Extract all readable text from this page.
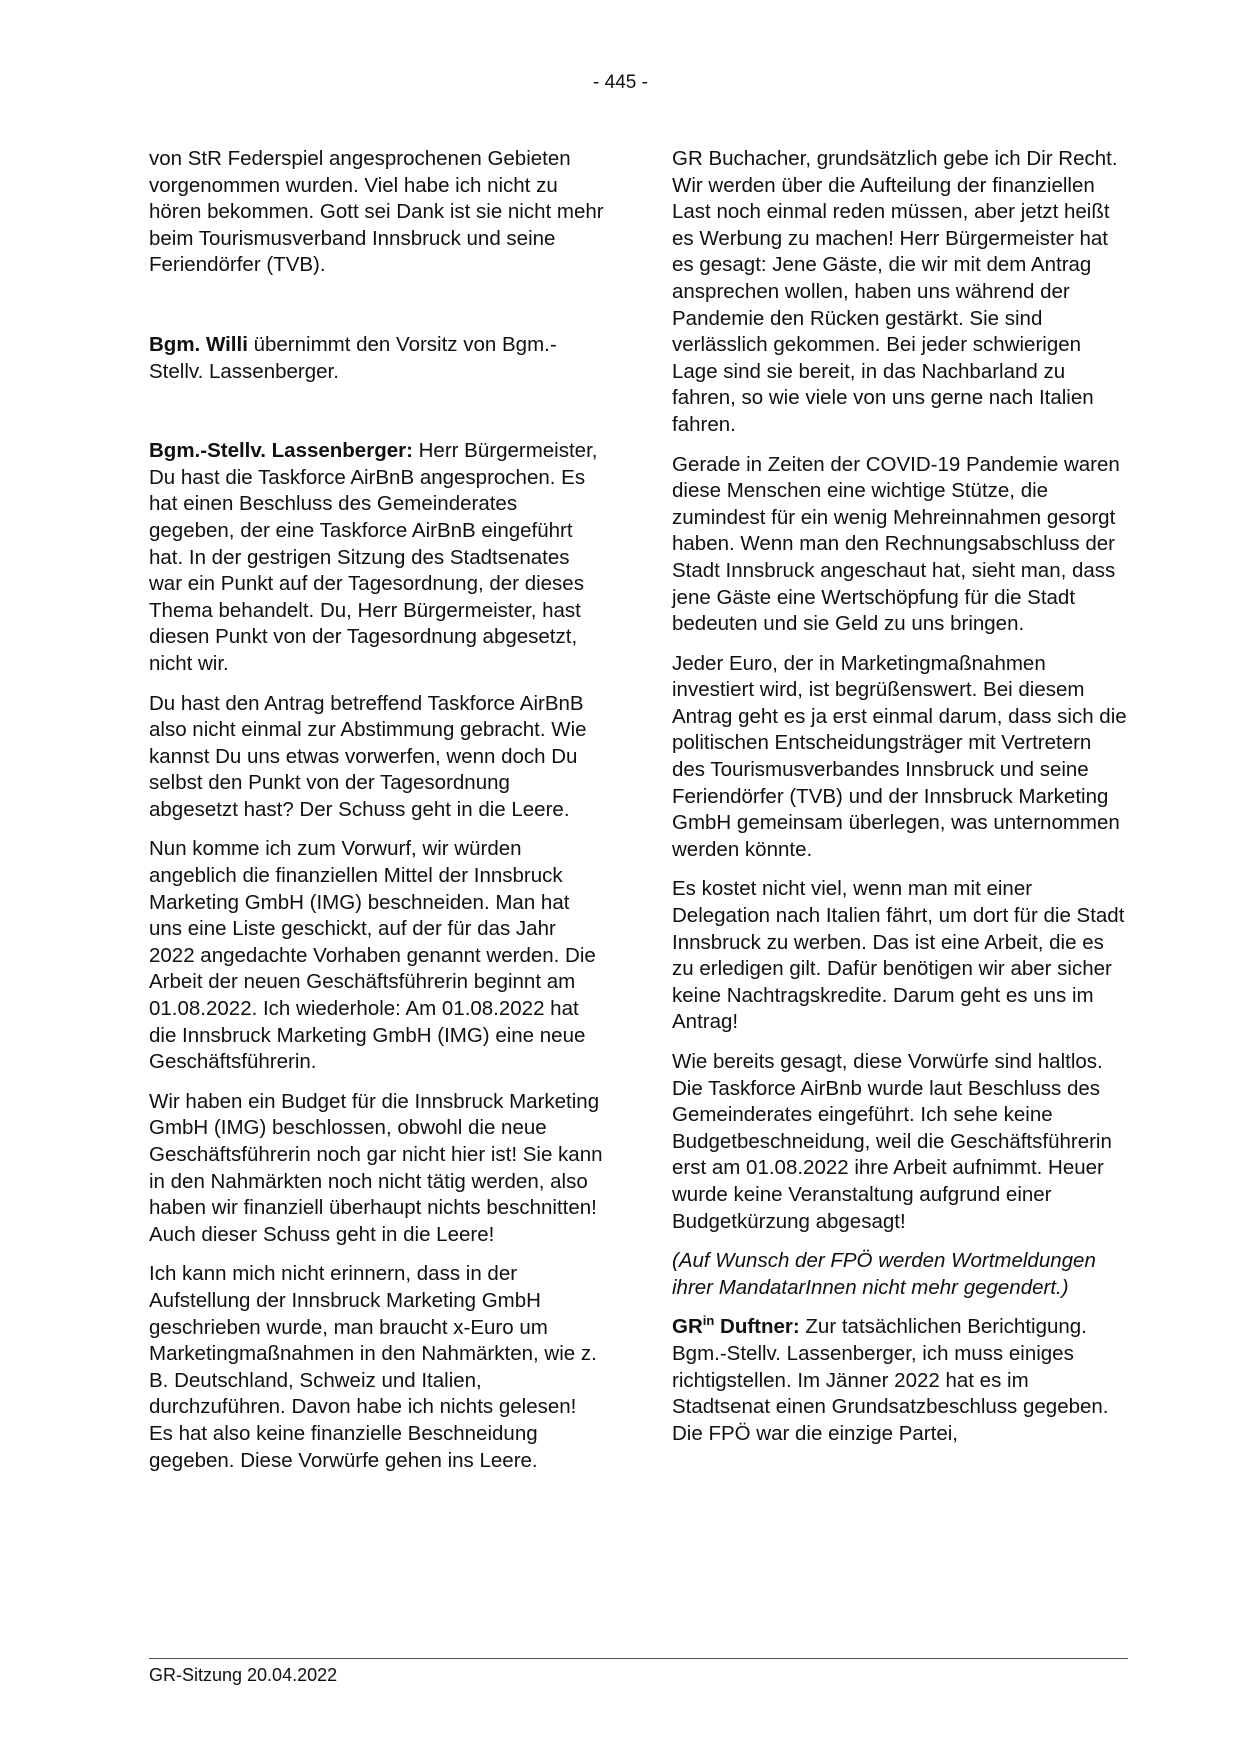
- 445 -

von StR Federspiel angesprochenen Gebieten vorgenommen wurden. Viel habe ich nicht zu hören bekommen. Gott sei Dank ist sie nicht mehr beim Tourismusverband Innsbruck und seine Feriendörfer (TVB).

Bgm. Willi übernimmt den Vorsitz von Bgm.-Stellv. Lassenberger.

Bgm.-Stellv. Lassenberger: Herr Bürgermeister, Du hast die Taskforce AirBnB angesprochen. Es hat einen Beschluss des Gemeinderates gegeben, der eine Taskforce AirBnB eingeführt hat. In der gestrigen Sitzung des Stadtsenates war ein Punkt auf der Tagesordnung, der dieses Thema behandelt. Du, Herr Bürgermeister, hast diesen Punkt von der Tagesordnung abgesetzt, nicht wir.

Du hast den Antrag betreffend Taskforce AirBnB also nicht einmal zur Abstimmung gebracht. Wie kannst Du uns etwas vorwerfen, wenn doch Du selbst den Punkt von der Tagesordnung abgesetzt hast? Der Schuss geht in die Leere.

Nun komme ich zum Vorwurf, wir würden angeblich die finanziellen Mittel der Innsbruck Marketing GmbH (IMG) beschneiden. Man hat uns eine Liste geschickt, auf der für das Jahr 2022 angedachte Vorhaben genannt werden. Die Arbeit der neuen Geschäftsführerin beginnt am 01.08.2022. Ich wiederhole: Am 01.08.2022 hat die Innsbruck Marketing GmbH (IMG) eine neue Geschäftsführerin.

Wir haben ein Budget für die Innsbruck Marketing GmbH (IMG) beschlossen, obwohl die neue Geschäftsführerin noch gar nicht hier ist! Sie kann in den Nahmärkten noch nicht tätig werden, also haben wir finanziell überhaupt nichts beschnitten! Auch dieser Schuss geht in die Leere!

Ich kann mich nicht erinnern, dass in der Aufstellung der Innsbruck Marketing GmbH geschrieben wurde, man braucht x-Euro um Marketingmaßnahmen in den Nahmärkten, wie z. B. Deutschland, Schweiz und Italien, durchzuführen. Davon habe ich nichts gelesen! Es hat also keine finanzielle Beschneidung gegeben. Diese Vorwürfe gehen ins Leere.

GR Buchacher, grundsätzlich gebe ich Dir Recht. Wir werden über die Aufteilung der finanziellen Last noch einmal reden müssen, aber jetzt heißt es Werbung zu machen! Herr Bürgermeister hat es gesagt: Jene Gäste, die wir mit dem Antrag ansprechen wollen, haben uns während der Pandemie den Rücken gestärkt. Sie sind verlässlich gekommen. Bei jeder schwierigen Lage sind sie bereit, in das Nachbarland zu fahren, so wie viele von uns gerne nach Italien fahren.

Gerade in Zeiten der COVID-19 Pandemie waren diese Menschen eine wichtige Stütze, die zumindest für ein wenig Mehreinnahmen gesorgt haben. Wenn man den Rechnungsabschluss der Stadt Innsbruck angeschaut hat, sieht man, dass jene Gäste eine Wertschöpfung für die Stadt bedeuten und sie Geld zu uns bringen.

Jeder Euro, der in Marketingmaßnahmen investiert wird, ist begrüßenswert. Bei diesem Antrag geht es ja erst einmal darum, dass sich die politischen Entscheidungsträger mit Vertretern des Tourismusverbandes Innsbruck und seine Feriendörfer (TVB) und der Innsbruck Marketing GmbH gemeinsam überlegen, was unternommen werden könnte.

Es kostet nicht viel, wenn man mit einer Delegation nach Italien fährt, um dort für die Stadt Innsbruck zu werben. Das ist eine Arbeit, die es zu erledigen gilt. Dafür benötigen wir aber sicher keine Nachtragskredite. Darum geht es uns im Antrag!

Wie bereits gesagt, diese Vorwürfe sind haltlos. Die Taskforce AirBnb wurde laut Beschluss des Gemeinderates eingeführt. Ich sehe keine Budgetbeschneidung, weil die Geschäftsführerin erst am 01.08.2022 ihre Arbeit aufnimmt. Heuer wurde keine Veranstaltung aufgrund einer Budgetkürzung abgesagt!

(Auf Wunsch der FPÖ werden Wortmeldungen ihrer MandatarInnen nicht mehr gegendert.)

$GR^{in}$ Duftner: Zur tatsächlichen Berichtigung. Bgm.-Stellv. Lassenberger, ich muss einiges richtigstellen. Im Jänner 2022 hat es im Stadtsenat einen Grundsatzbeschluss gegeben. Die FPÖ war die einzige Partei,

GR-Sitzung 20.04.2022
